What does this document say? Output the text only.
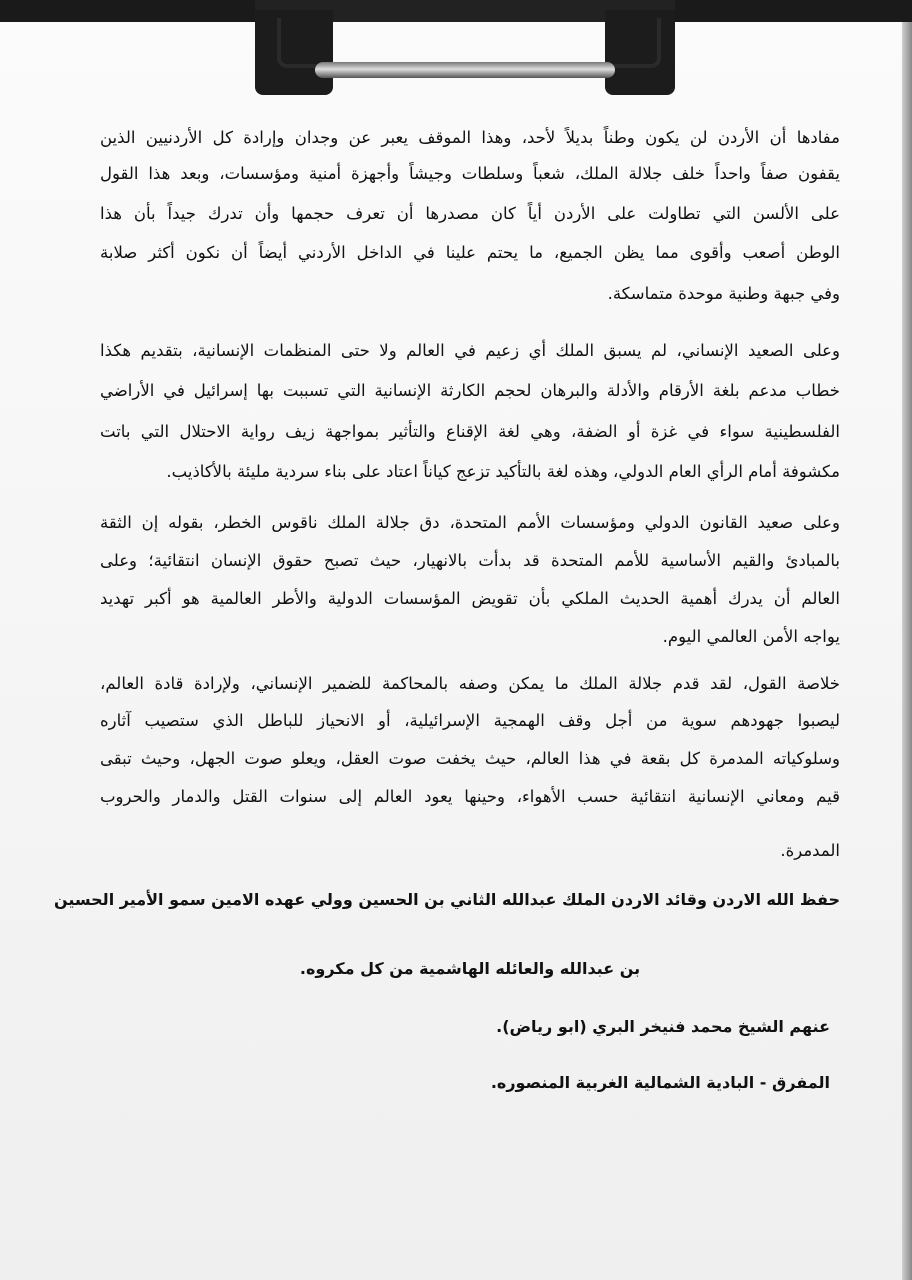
مفادها أن الأردن لن يكون وطناً بديلاً لأحد، وهذا الموقف يعبر عن وجدان وإرادة كل الأردنيين الذين
يقفون صفاً واحداً خلف جلالة الملك، شعباً وسلطات وجيشاً وأجهزة أمنية ومؤسسات، وبعد هذا القول
على الألسن التي تطاولت على الأردن أياً كان مصدرها أن تعرف حجمها وأن تدرك جيداً بأن هذا
الوطن أصعب وأقوى مما يظن الجميع، ما يحتم علينا في الداخل الأردني أيضاً أن نكون أكثر صلابة
وفي جبهة وطنية موحدة متماسكة.
وعلى الصعيد الإنساني، لم يسبق الملك أي زعيم في العالم ولا حتى المنظمات الإنسانية، بتقديم هكذا
خطاب مدعم بلغة الأرقام والأدلة والبرهان لحجم الكارثة الإنسانية التي تسببت بها إسرائيل في الأراضي
الفلسطينية سواء في غزة أو الضفة، وهي لغة الإقناع والتأثير بمواجهة زيف رواية الاحتلال التي باتت
مكشوفة أمام الرأي العام الدولي، وهذه لغة بالتأكيد تزعج كياناً اعتاد على بناء سردية مليئة بالأكاذيب.
وعلى صعيد القانون الدولي ومؤسسات الأمم المتحدة، دق جلالة الملك ناقوس الخطر، بقوله إن الثقة
بالمبادئ والقيم الأساسية للأمم المتحدة قد بدأت بالانهيار، حيث تصبح حقوق الإنسان انتقائية؛ وعلى
العالم أن يدرك أهمية الحديث الملكي بأن تقويض المؤسسات الدولية والأطر العالمية هو أكبر تهديد
يواجه الأمن العالمي اليوم.
خلاصة القول، لقد قدم جلالة الملك ما يمكن وصفه بالمحاكمة للضمير الإنساني، ولإرادة قادة العالم،
ليصبوا جهودهم سوية من أجل وقف الهمجية الإسرائيلية، أو الانحياز للباطل الذي ستصيب آثاره
وسلوكياته المدمرة كل بقعة في هذا العالم، حيث يخفت صوت العقل، ويعلو صوت الجهل، وحيث تبقى
قيم ومعاني الإنسانية انتقائية حسب الأهواء، وحينها يعود العالم إلى سنوات القتل والدمار والحروب
المدمرة.
حفظ الله الاردن وقائد الاردن الملك عبدالله الثاني بن الحسين وولي عهده الامين سمو الأمير الحسين
بن عبدالله والعائله الهاشمية من كل مكروه.
عنهم الشيخ محمد فنيخر البري (ابو رياض).
المفرق - البادية الشمالية الغربية المنصوره.
